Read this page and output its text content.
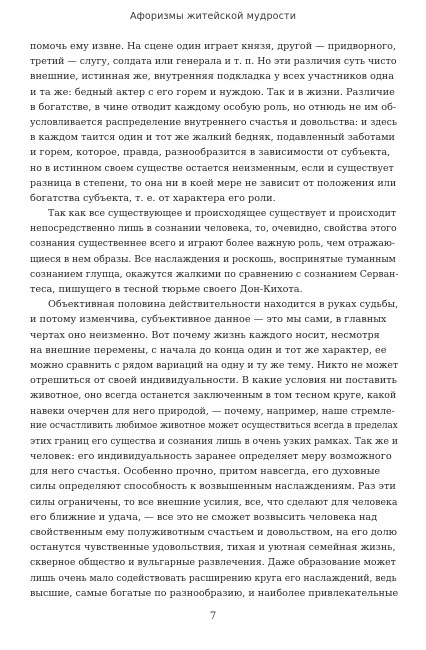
Афоризмы житейской мудрости
помочь ему извне. На сцене один играет князя, другой — придворного,
третий — слугу, солдата или генерала и т. п. Но эти различия суть чисто
внешние, истинная же, внутренняя подкладка у всех участников одна
и та же: бедный актер с его горем и нуждою. Так и в жизни. Различие
в богатстве, в чине отводит каждому особую роль, но отнюдь не им об-
условливается распределение внутреннего счастья и довольства: и здесь
в каждом таится один и тот же жалкий бедняк, подавленный заботами
и горем, которое, правда, разнообразится в зависимости от субъекта,
но в истинном своем существе остается неизменным, если и существует
разница в степени, то она ни в коей мере не зависит от положения или
богатства субъекта, т. е. от характера его роли.
Так как все существующее и происходящее существует и происходит
непосредственно лишь в сознании человека, то, очевидно, свойства этого
сознания существеннее всего и играют более важную роль, чем отражаю-
щиеся в нем образы. Все наслаждения и роскошь, воспринятые туманным
сознанием глупца, окажутся жалкими по сравнению с сознанием Серван-
теса, пишущего в тесной тюрьме своего Дон-Кихота.
Объективная половина действительности находится в руках судьбы,
и потому изменчива, субъективное данное — это мы сами, в главных
чертах оно неизменно. Вот почему жизнь каждого носит, несмотря
на внешние перемены, с начала до конца один и тот же характер, ее
можно сравнить с рядом вариаций на одну и ту же тему. Никто не может
отрешиться от своей индивидуальности. В какие условия ни поставить
животное, оно всегда останется заключенным в том тесном круге, какой
навеки очерчен для него природой, — почему, например, наше стремле-
ние осчастливить любимое животное может осуществиться всегда в пределах
этих границ его существа и сознания лишь в очень узких рамках. Так же и
человек: его индивидуальность заранее определяет меру возможного
для него счастья. Особенно прочно, притом навсегда, его духовные
силы определяют способность к возвышенным наслаждениям. Раз эти
силы ограничены, то все внешние усилия, все, что сделают для человека
его ближние и удача, — все это не сможет возвысить человека над
свойственным ему полуживотным счастьем и довольством, на его долю
останутся чувственные удовольствия, тихая и уютная семейная жизнь,
скверное общество и вульгарные развлечения. Даже образование может
лишь очень мало содействовать расширению круга его наслаждений, ведь
высшие, самые богатые по разнообразию, и наиболее привлекательные
7
